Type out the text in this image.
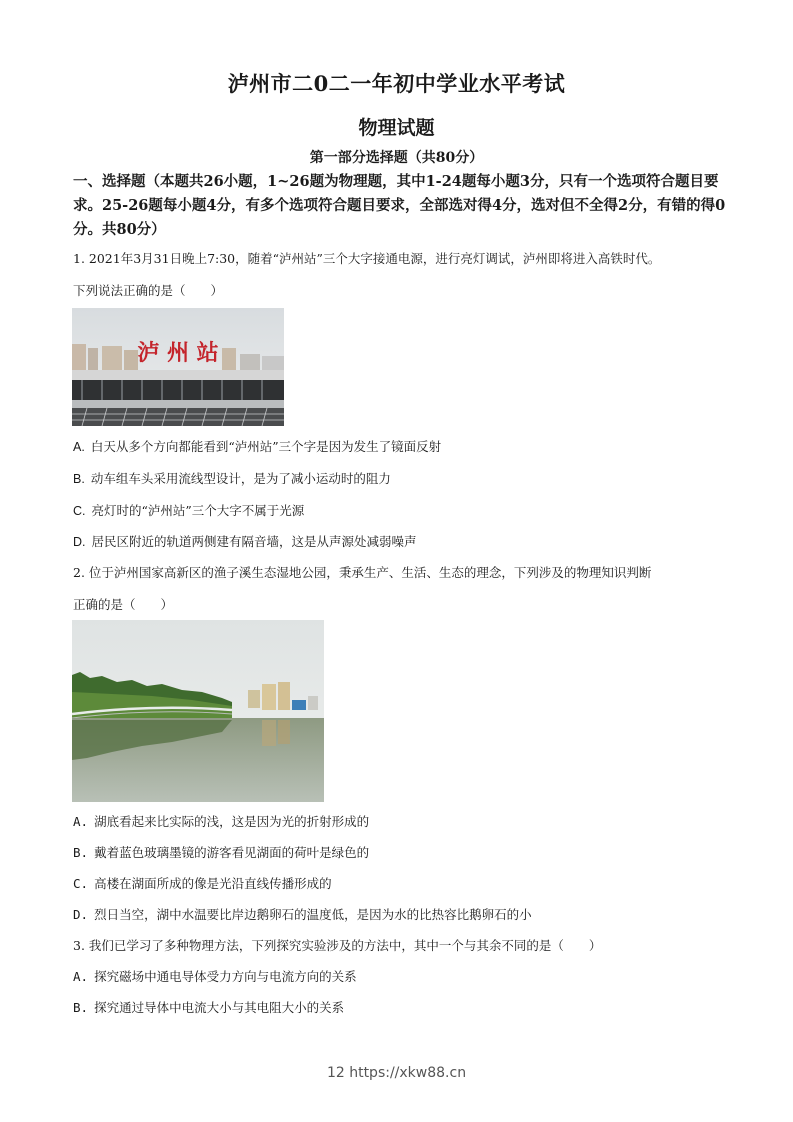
泸州市二0二一年初中学业水平考试
物理试题
第一部分选择题（共80分）
一、选择题（本题共26小题，1~26题为物理题，其中1-24题每小题3分，只有一个选项符合题目要求。25-26题每小题4分，有多个选项符合题目要求，全部选对得4分，选对但不全得2分，有错的得0分。共80分）
1. 2021年3月31日晚上7:30，随着“泸州站”三个大字接通电源，进行亮灯调试，泸州即将进入高铁时代。
下列说法正确的是（　　）
泸 州 站
A. 白天从多个方向都能看到“泸州站”三个字是因为发生了镜面反射
B. 动车组车头采用流线型设计，是为了减小运动时的阻力
C. 亮灯时的“泸州站”三个大字不属于光源
D. 居民区附近的轨道两侧建有隔音墙，这是从声源处减弱噪声
2. 位于泸州国家高新区的渔子溪生态湿地公园，秉承生产、生活、生态的理念，下列涉及的物理知识判断
正确的是（　　）
A. 湖底看起来比实际的浅，这是因为光的折射形成的
B. 戴着蓝色玻璃墨镜的游客看见湖面的荷叶是绿色的
C. 高楼在湖面所成的像是光沿直线传播形成的
D. 烈日当空，湖中水温要比岸边鹅卵石的温度低，是因为水的比热容比鹅卵石的小
3. 我们已学习了多种物理方法，下列探究实验涉及的方法中，其中一个与其余不同的是（　　）
A. 探究磁场中通电导体受力方向与电流方向的关系
B. 探究通过导体中电流大小与其电阻大小的关系
12 https://xkw88.cn
